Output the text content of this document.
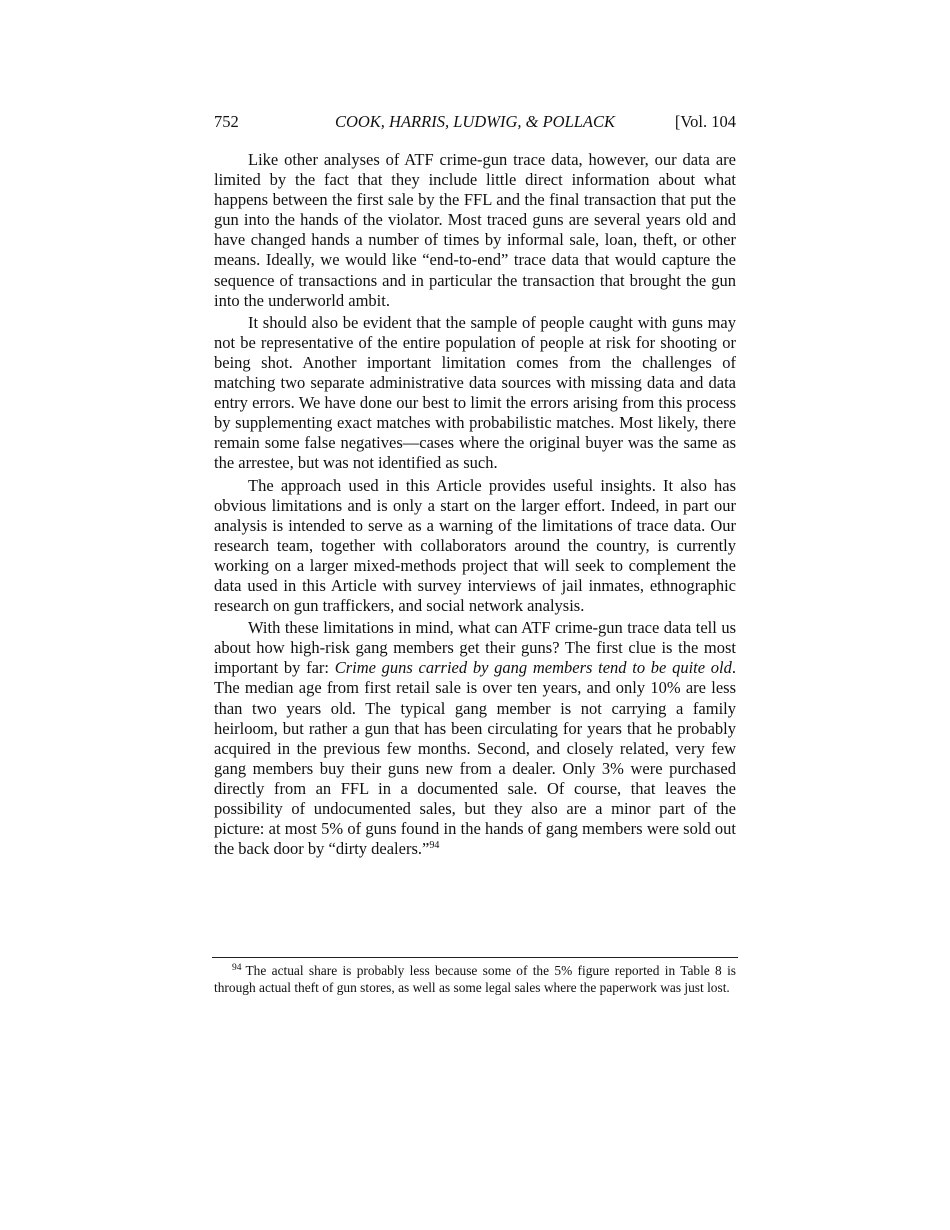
752	COOK, HARRIS, LUDWIG, & POLLACK	[Vol. 104

Like other analyses of ATF crime-gun trace data, however, our data are limited by the fact that they include little direct information about what happens between the first sale by the FFL and the final transaction that put the gun into the hands of the violator. Most traced guns are several years old and have changed hands a number of times by informal sale, loan, theft, or other means. Ideally, we would like “end-to-end” trace data that would capture the sequence of transactions and in particular the transaction that brought the gun into the underworld ambit.

It should also be evident that the sample of people caught with guns may not be representative of the entire population of people at risk for shooting or being shot. Another important limitation comes from the challenges of matching two separate administrative data sources with missing data and data entry errors. We have done our best to limit the errors arising from this process by supplementing exact matches with probabilistic matches. Most likely, there remain some false negatives—cases where the original buyer was the same as the arrestee, but was not identified as such.

The approach used in this Article provides useful insights. It also has obvious limitations and is only a start on the larger effort. Indeed, in part our analysis is intended to serve as a warning of the limitations of trace data. Our research team, together with collaborators around the country, is currently working on a larger mixed-methods project that will seek to complement the data used in this Article with survey interviews of jail inmates, ethnographic research on gun traffickers, and social network analysis.

With these limitations in mind, what can ATF crime-gun trace data tell us about how high-risk gang members get their guns? The first clue is the most important by far: Crime guns carried by gang members tend to be quite old. The median age from first retail sale is over ten years, and only 10% are less than two years old. The typical gang member is not carrying a family heirloom, but rather a gun that has been circulating for years that he probably acquired in the previous few months. Second, and closely related, very few gang members buy their guns new from a dealer. Only 3% were purchased directly from an FFL in a documented sale. Of course, that leaves the possibility of undocumented sales, but they also are a minor part of the picture: at most 5% of guns found in the hands of gang members were sold out the back door by “dirty dealers.”$^{94}$

$^{94}$ The actual share is probably less because some of the 5% figure reported in Table 8 is through actual theft of gun stores, as well as some legal sales where the paperwork was just lost.
